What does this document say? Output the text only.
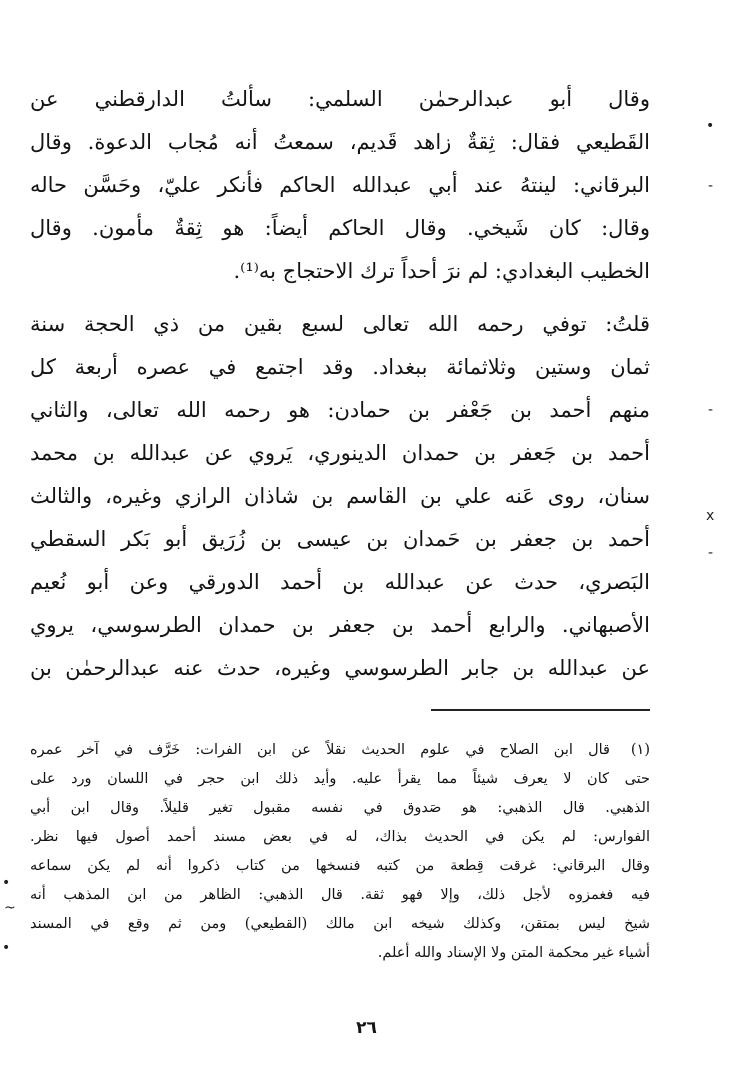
وقال أبو عبدالرحمٰن السلمي: سألتُ الدارقطني عن
القَطيعي فقال: ثِقةٌ زاهد قَديم، سمعتُ أنه مُجاب الدعوة. وقال
البرقاني: لينتهُ عند أبي عبدالله الحاكم فأنكر عليّ، وحَسَّن حاله
وقال: كان شَيخي. وقال الحاكم أيضاً: هو ثِقةٌ مأمون. وقال
الخطيب البغدادي: لم نرَ أحداً ترك الاحتجاج به⁽¹⁾.
قلتُ: توفي رحمه الله تعالى لسبع بقين من ذي الحجة سنة
ثمان وستين وثلاثمائة ببغداد. وقد اجتمع في عصره أربعة كل
منهم أحمد بن جَعْفر بن حمادن: هو رحمه الله تعالى، والثاني
أحمد بن جَعفر بن حمدان الدينوري، يَروي عن عبدالله بن محمد
سنان، روى عَنه علي بن القاسم بن شاذان الرازي وغيره، والثالث
أحمد بن جعفر بن حَمدان بن عيسى بن زُرَيق أبو بَكر السقطي
البَصري، حدث عن عبدالله بن أحمد الدورقي وعن أبو نُعيم
الأصبهاني. والرابع أحمد بن جعفر بن حمدان الطرسوسي، يروي
عن عبدالله بن جابر الطرسوسي وغيره، حدث عنه عبدالرحمٰن بن
(١)
قال ابن الصلاح في علوم الحديث نقلاً عن ابن الفرات: خَرَّف في آخر عمره
حتى كان لا يعرف شيئاً مما يقرأ عليه. وأيد ذلك ابن حجر في اللسان ورد على
الذهبي. قال الذهبي: هو صَدوق في نفسه مقبول تغير قليلاً. وقال ابن أبي
الفوارس: لم يكن في الحديث بذاك، له في بعض مسند أحمد أصول فيها نظر.
وقال البرقاني: غرقت قِطعة من كتبه فنسخها من كتاب ذكروا أنه لم يكن سماعه
فيه فغمزوه لأجل ذلك، وإلا فهو ثقة. قال الذهبي: الظاهر من ابن المذهب أنه
شيخ ليس بمتقن، وكذلك شيخه ابن مالك (القطيعي) ومن ثم وقع في المسند
أشياء غير محكمة المتن ولا الإسناد والله أعلم.
٢٦
•
-
-
x
-
•
~
•
